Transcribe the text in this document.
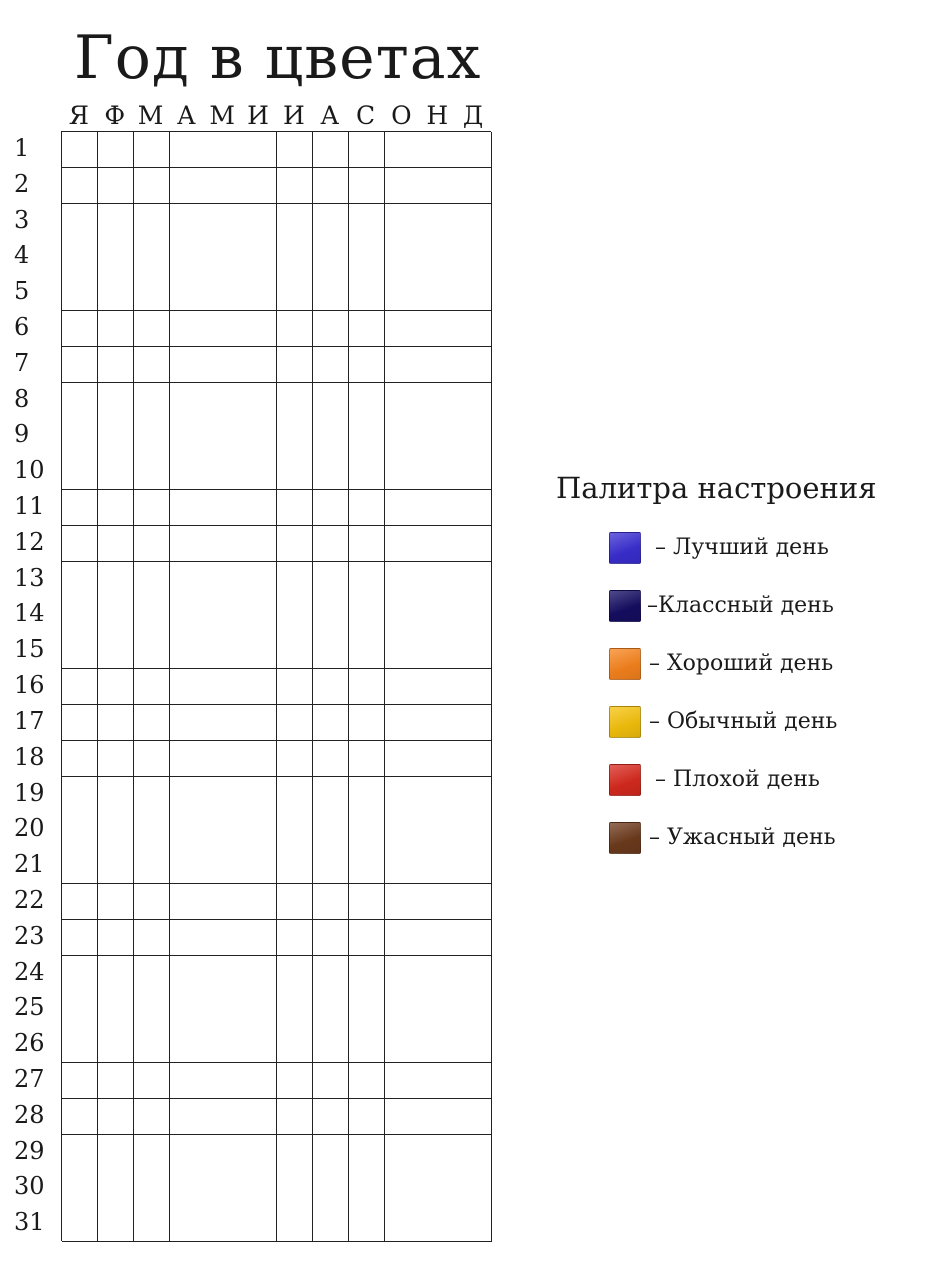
Год в цветах
Я Ф М А М И И А С О Н Д
1
2
3
4
5
6
7
8
9
10
11
12
13
14
15
16
17
18
19
20
21
22
23
24
25
26
27
28
29
30
31
Палитра настроения
– Лучший день
–Классный день
– Хороший день
– Обычный день
– Плохой день
– Ужасный день
